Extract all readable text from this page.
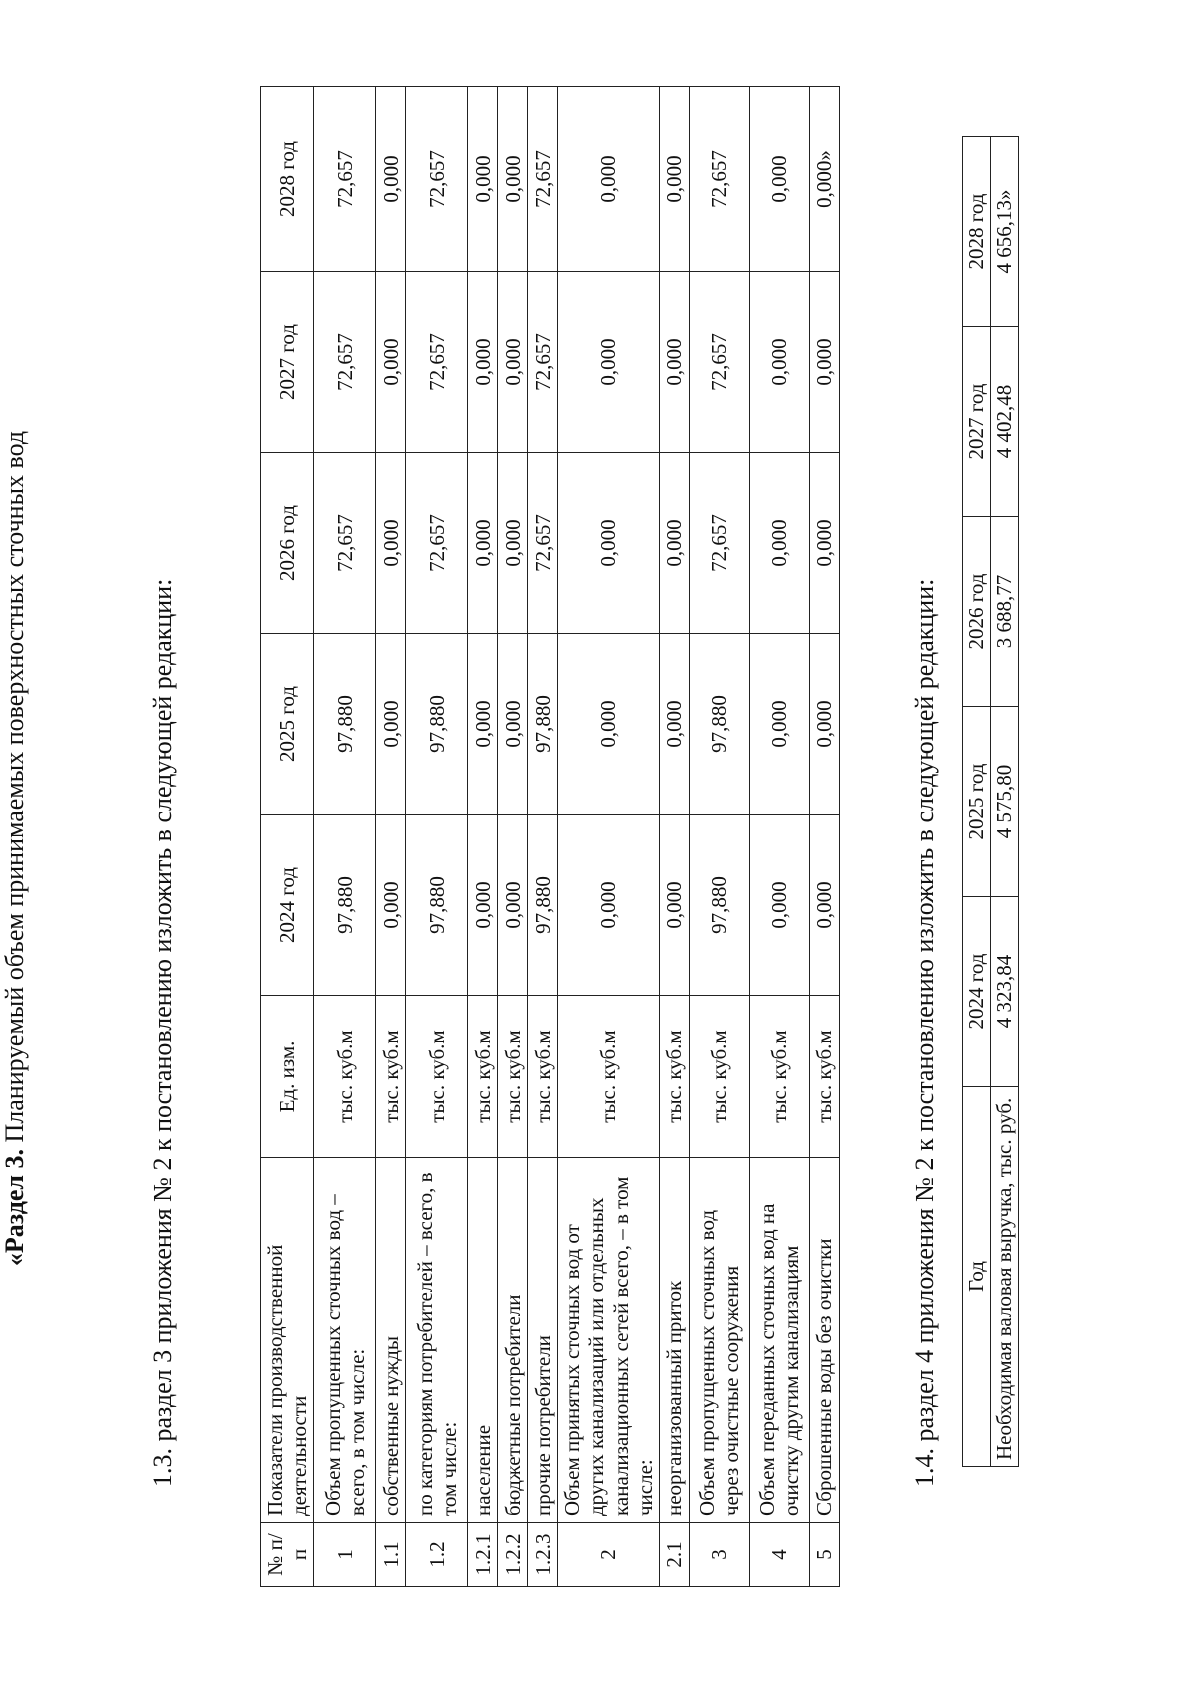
1.3. раздел 3 приложения № 2 к постановлению изложить в следующей редакции:
«Раздел 3. Планируемый объем принимаемых поверхностных сточных вод
№ п/п	Показатели производственной деятельности	Ед. изм.	2024 год	2025 год	2026 год	2027 год	2028 год
1	Объем пропущенных сточных вод – всего, в том числе:	тыс. куб.м	97,880	97,880	72,657	72,657	72,657
1.1	собственные нужды	тыс. куб.м	0,000	0,000	0,000	0,000	0,000
1.2	по категориям потребителей – всего, в том числе:	тыс. куб.м	97,880	97,880	72,657	72,657	72,657
1.2.1	население	тыс. куб.м	0,000	0,000	0,000	0,000	0,000
1.2.2	бюджетные потребители	тыс. куб.м	0,000	0,000	0,000	0,000	0,000
1.2.3	прочие потребители	тыс. куб.м	97,880	97,880	72,657	72,657	72,657
2	Объем принятых сточных вод от других канализаций или отдельных канализационных сетей всего, – в том числе:	тыс. куб.м	0,000	0,000	0,000	0,000	0,000
2.1	неорганизованный приток	тыс. куб.м	0,000	0,000	0,000	0,000	0,000
3	Объем пропущенных сточных вод через очистные сооружения	тыс. куб.м	97,880	97,880	72,657	72,657	72,657
4	Объем переданных сточных вод на очистку другим канализациям	тыс. куб.м	0,000	0,000	0,000	0,000	0,000
5	Сброшенные воды без очистки	тыс. куб.м	0,000	0,000	0,000	0,000	0,000»
1.4. раздел 4 приложения № 2 к постановлению изложить в следующей редакции: Год	2024 год	2025 год	2026 год	2027 год	2028 год
Необходимая валовая выручка, тыс. руб.	4 323,84	4 575,80	3 688,77	4 402,48	4 656,13»
